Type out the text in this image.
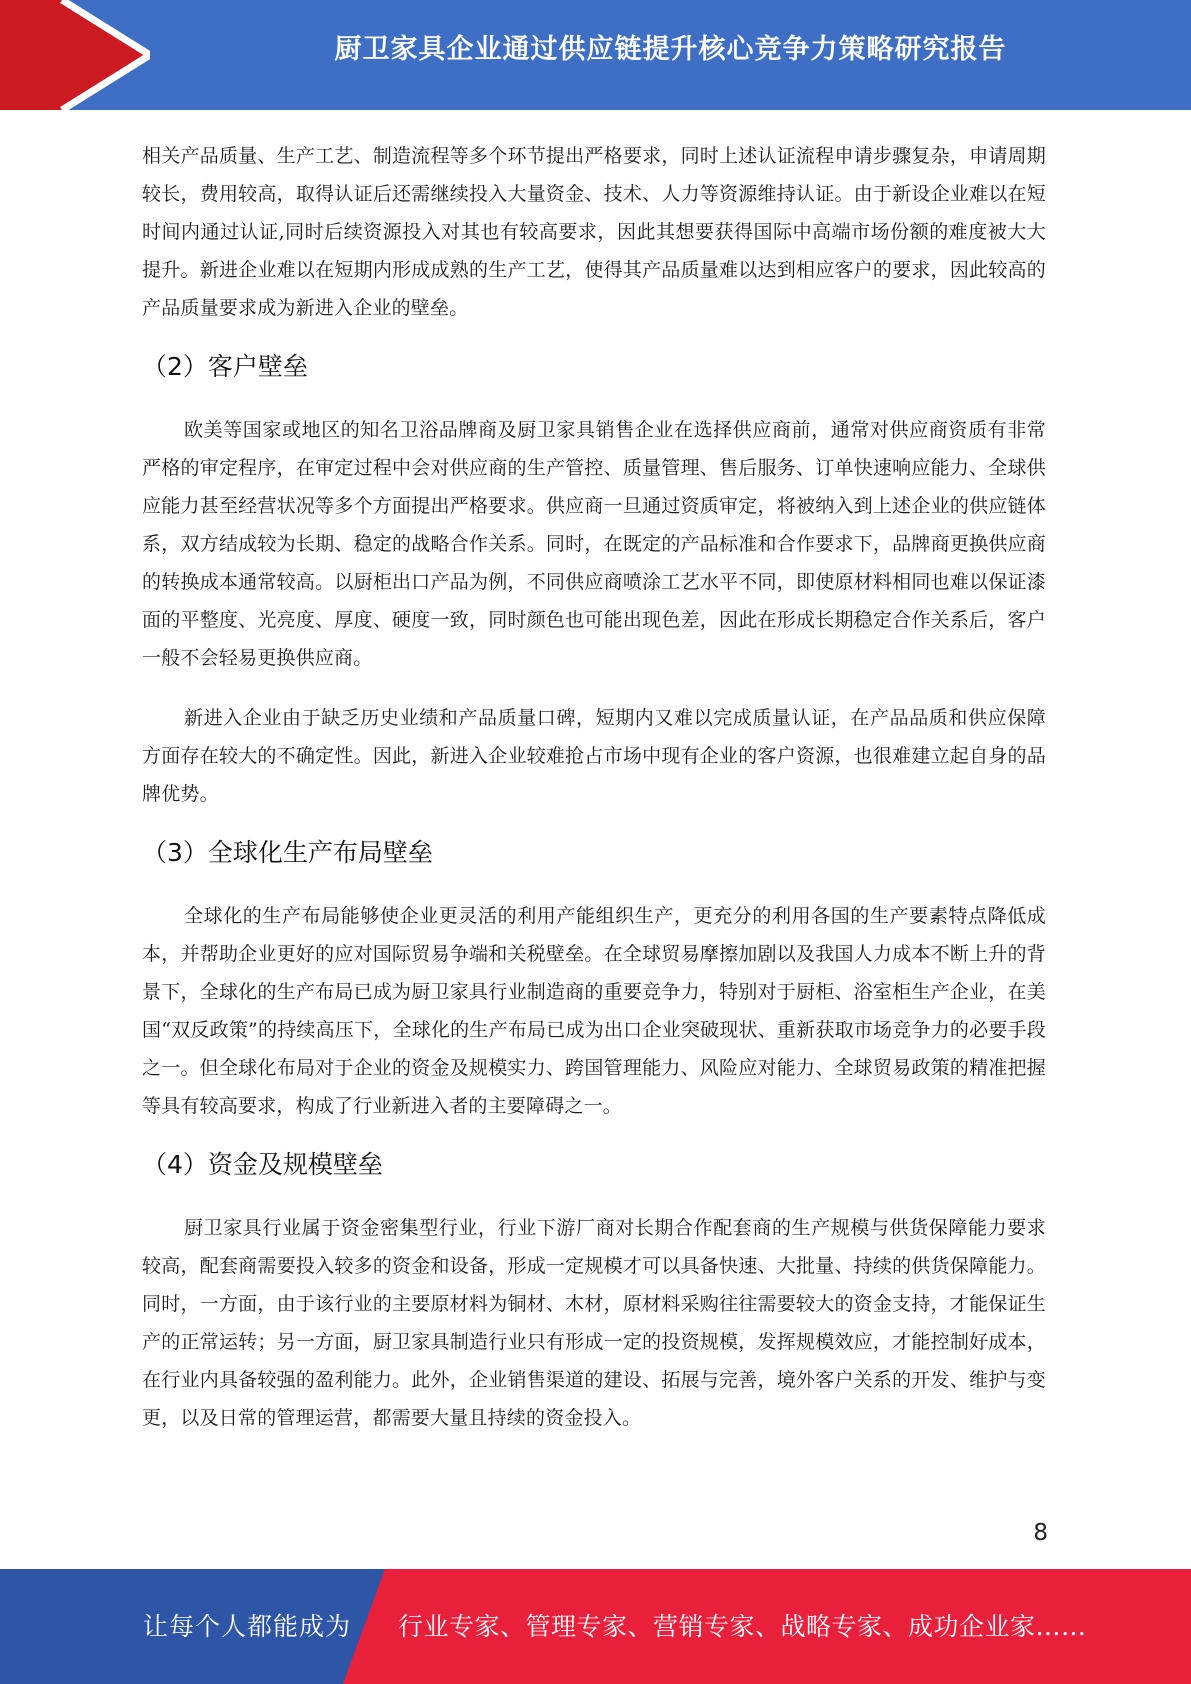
厨卫家具企业通过供应链提升核心竞争力策略研究报告

相关产品质量、生产工艺、制造流程等多个环节提出严格要求，同时上述认证流程申请步骤复杂，申请周期较长，费用较高，取得认证后还需继续投入大量资金、技术、人力等资源维持认证。由于新设企业难以在短时间内通过认证,同时后续资源投入对其也有较高要求，因此其想要获得国际中高端市场份额的难度被大大提升。新进企业难以在短期内形成成熟的生产工艺，使得其产品质量难以达到相应客户的要求，因此较高的产品质量要求成为新进入企业的壁垒。

（2）客户壁垒

欧美等国家或地区的知名卫浴品牌商及厨卫家具销售企业在选择供应商前，通常对供应商资质有非常严格的审定程序，在审定过程中会对供应商的生产管控、质量管理、售后服务、订单快速响应能力、全球供应能力甚至经营状况等多个方面提出严格要求。供应商一旦通过资质审定，将被纳入到上述企业的供应链体系，双方结成较为长期、稳定的战略合作关系。同时，在既定的产品标准和合作要求下，品牌商更换供应商的转换成本通常较高。以厨柜出口产品为例，不同供应商喷涂工艺水平不同，即使原材料相同也难以保证漆面的平整度、光亮度、厚度、硬度一致，同时颜色也可能出现色差，因此在形成长期稳定合作关系后，客户一般不会轻易更换供应商。

新进入企业由于缺乏历史业绩和产品质量口碑，短期内又难以完成质量认证，在产品品质和供应保障方面存在较大的不确定性。因此，新进入企业较难抢占市场中现有企业的客户资源，也很难建立起自身的品牌优势。

（3）全球化生产布局壁垒

全球化的生产布局能够使企业更灵活的利用产能组织生产，更充分的利用各国的生产要素特点降低成本，并帮助企业更好的应对国际贸易争端和关税壁垒。在全球贸易摩擦加剧以及我国人力成本不断上升的背景下，全球化的生产布局已成为厨卫家具行业制造商的重要竞争力，特别对于厨柜、浴室柜生产企业，在美国“双反政策”的持续高压下，全球化的生产布局已成为出口企业突破现状、重新获取市场竞争力的必要手段之一。但全球化布局对于企业的资金及规模实力、跨国管理能力、风险应对能力、全球贸易政策的精准把握等具有较高要求，构成了行业新进入者的主要障碍之一。

（4）资金及规模壁垒

厨卫家具行业属于资金密集型行业，行业下游厂商对长期合作配套商的生产规模与供货保障能力要求较高，配套商需要投入较多的资金和设备，形成一定规模才可以具备快速、大批量、持续的供货保障能力。同时，一方面，由于该行业的主要原材料为铜材、木材，原材料采购往往需要较大的资金支持，才能保证生产的正常运转；另一方面，厨卫家具制造行业只有形成一定的投资规模，发挥规模效应，才能控制好成本，在行业内具备较强的盈利能力。此外，企业销售渠道的建设、拓展与完善，境外客户关系的开发、维护与变更，以及日常的管理运营，都需要大量且持续的资金投入。

8
让每个人都能成为 行业专家、管理专家、营销专家、战略专家、成功企业家……
